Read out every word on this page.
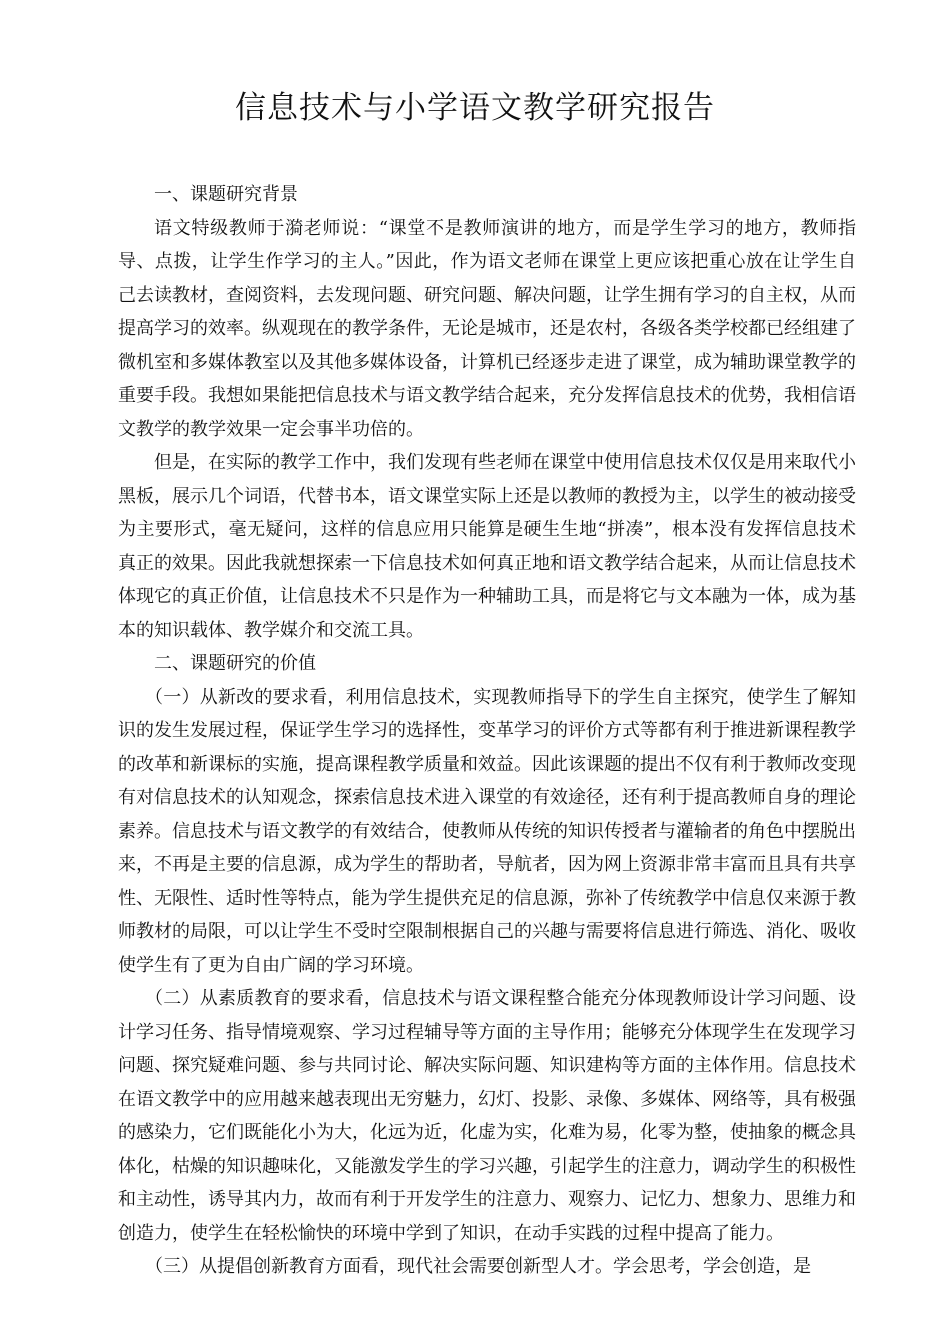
信息技术与小学语文教学研究报告

一、课题研究背景

语文特级教师于漪老师说：“课堂不是教师演讲的地方，而是学生学习的地方，教师指导、点拨，让学生作学习的主人。”因此，作为语文老师在课堂上更应该把重心放在让学生自己去读教材，查阅资料，去发现问题、研究问题、解决问题，让学生拥有学习的自主权，从而提高学习的效率。纵观现在的教学条件，无论是城市，还是农村，各级各类学校都已经组建了微机室和多媒体教室以及其他多媒体设备，计算机已经逐步走进了课堂，成为辅助课堂教学的重要手段。我想如果能把信息技术与语文教学结合起来，充分发挥信息技术的优势，我相信语文教学的教学效果一定会事半功倍的。

但是，在实际的教学工作中，我们发现有些老师在课堂中使用信息技术仅仅是用来取代小黑板，展示几个词语，代替书本，语文课堂实际上还是以教师的教授为主，以学生的被动接受为主要形式，毫无疑问，这样的信息应用只能算是硬生生地“拼凑”，根本没有发挥信息技术真正的效果。因此我就想探索一下信息技术如何真正地和语文教学结合起来，从而让信息技术体现它的真正价值，让信息技术不只是作为一种辅助工具，而是将它与文本融为一体，成为基本的知识载体、教学媒介和交流工具。

二、课题研究的价值

（一）从新改的要求看，利用信息技术，实现教师指导下的学生自主探究，使学生了解知识的发生发展过程，保证学生学习的选择性，变革学习的评价方式等都有利于推进新课程教学的改革和新课标的实施，提高课程教学质量和效益。因此该课题的提出不仅有利于教师改变现有对信息技术的认知观念，探索信息技术进入课堂的有效途径，还有利于提高教师自身的理论素养。信息技术与语文教学的有效结合，使教师从传统的知识传授者与灌输者的角色中摆脱出来，不再是主要的信息源，成为学生的帮助者，导航者，因为网上资源非常丰富而且具有共享性、无限性、适时性等特点，能为学生提供充足的信息源，弥补了传统教学中信息仅来源于教师教材的局限，可以让学生不受时空限制根据自己的兴趣与需要将信息进行筛选、消化、吸收使学生有了更为自由广阔的学习环境。

（二）从素质教育的要求看，信息技术与语文课程整合能充分体现教师设计学习问题、设计学习任务、指导情境观察、学习过程辅导等方面的主导作用；能够充分体现学生在发现学习问题、探究疑难问题、参与共同讨论、解决实际问题、知识建构等方面的主体作用。信息技术在语文教学中的应用越来越表现出无穷魅力，幻灯、投影、录像、多媒体、网络等，具有极强的感染力，它们既能化小为大，化远为近，化虚为实，化难为易，化零为整，使抽象的概念具体化，枯燥的知识趣味化，又能激发学生的学习兴趣，引起学生的注意力，调动学生的积极性和主动性，诱导其内力，故而有利于开发学生的注意力、观察力、记忆力、想象力、思维力和创造力，使学生在轻松愉快的环境中学到了知识，在动手实践的过程中提高了能力。

（三）从提倡创新教育方面看，现代社会需要创新型人才。学会思考，学会创造，是
